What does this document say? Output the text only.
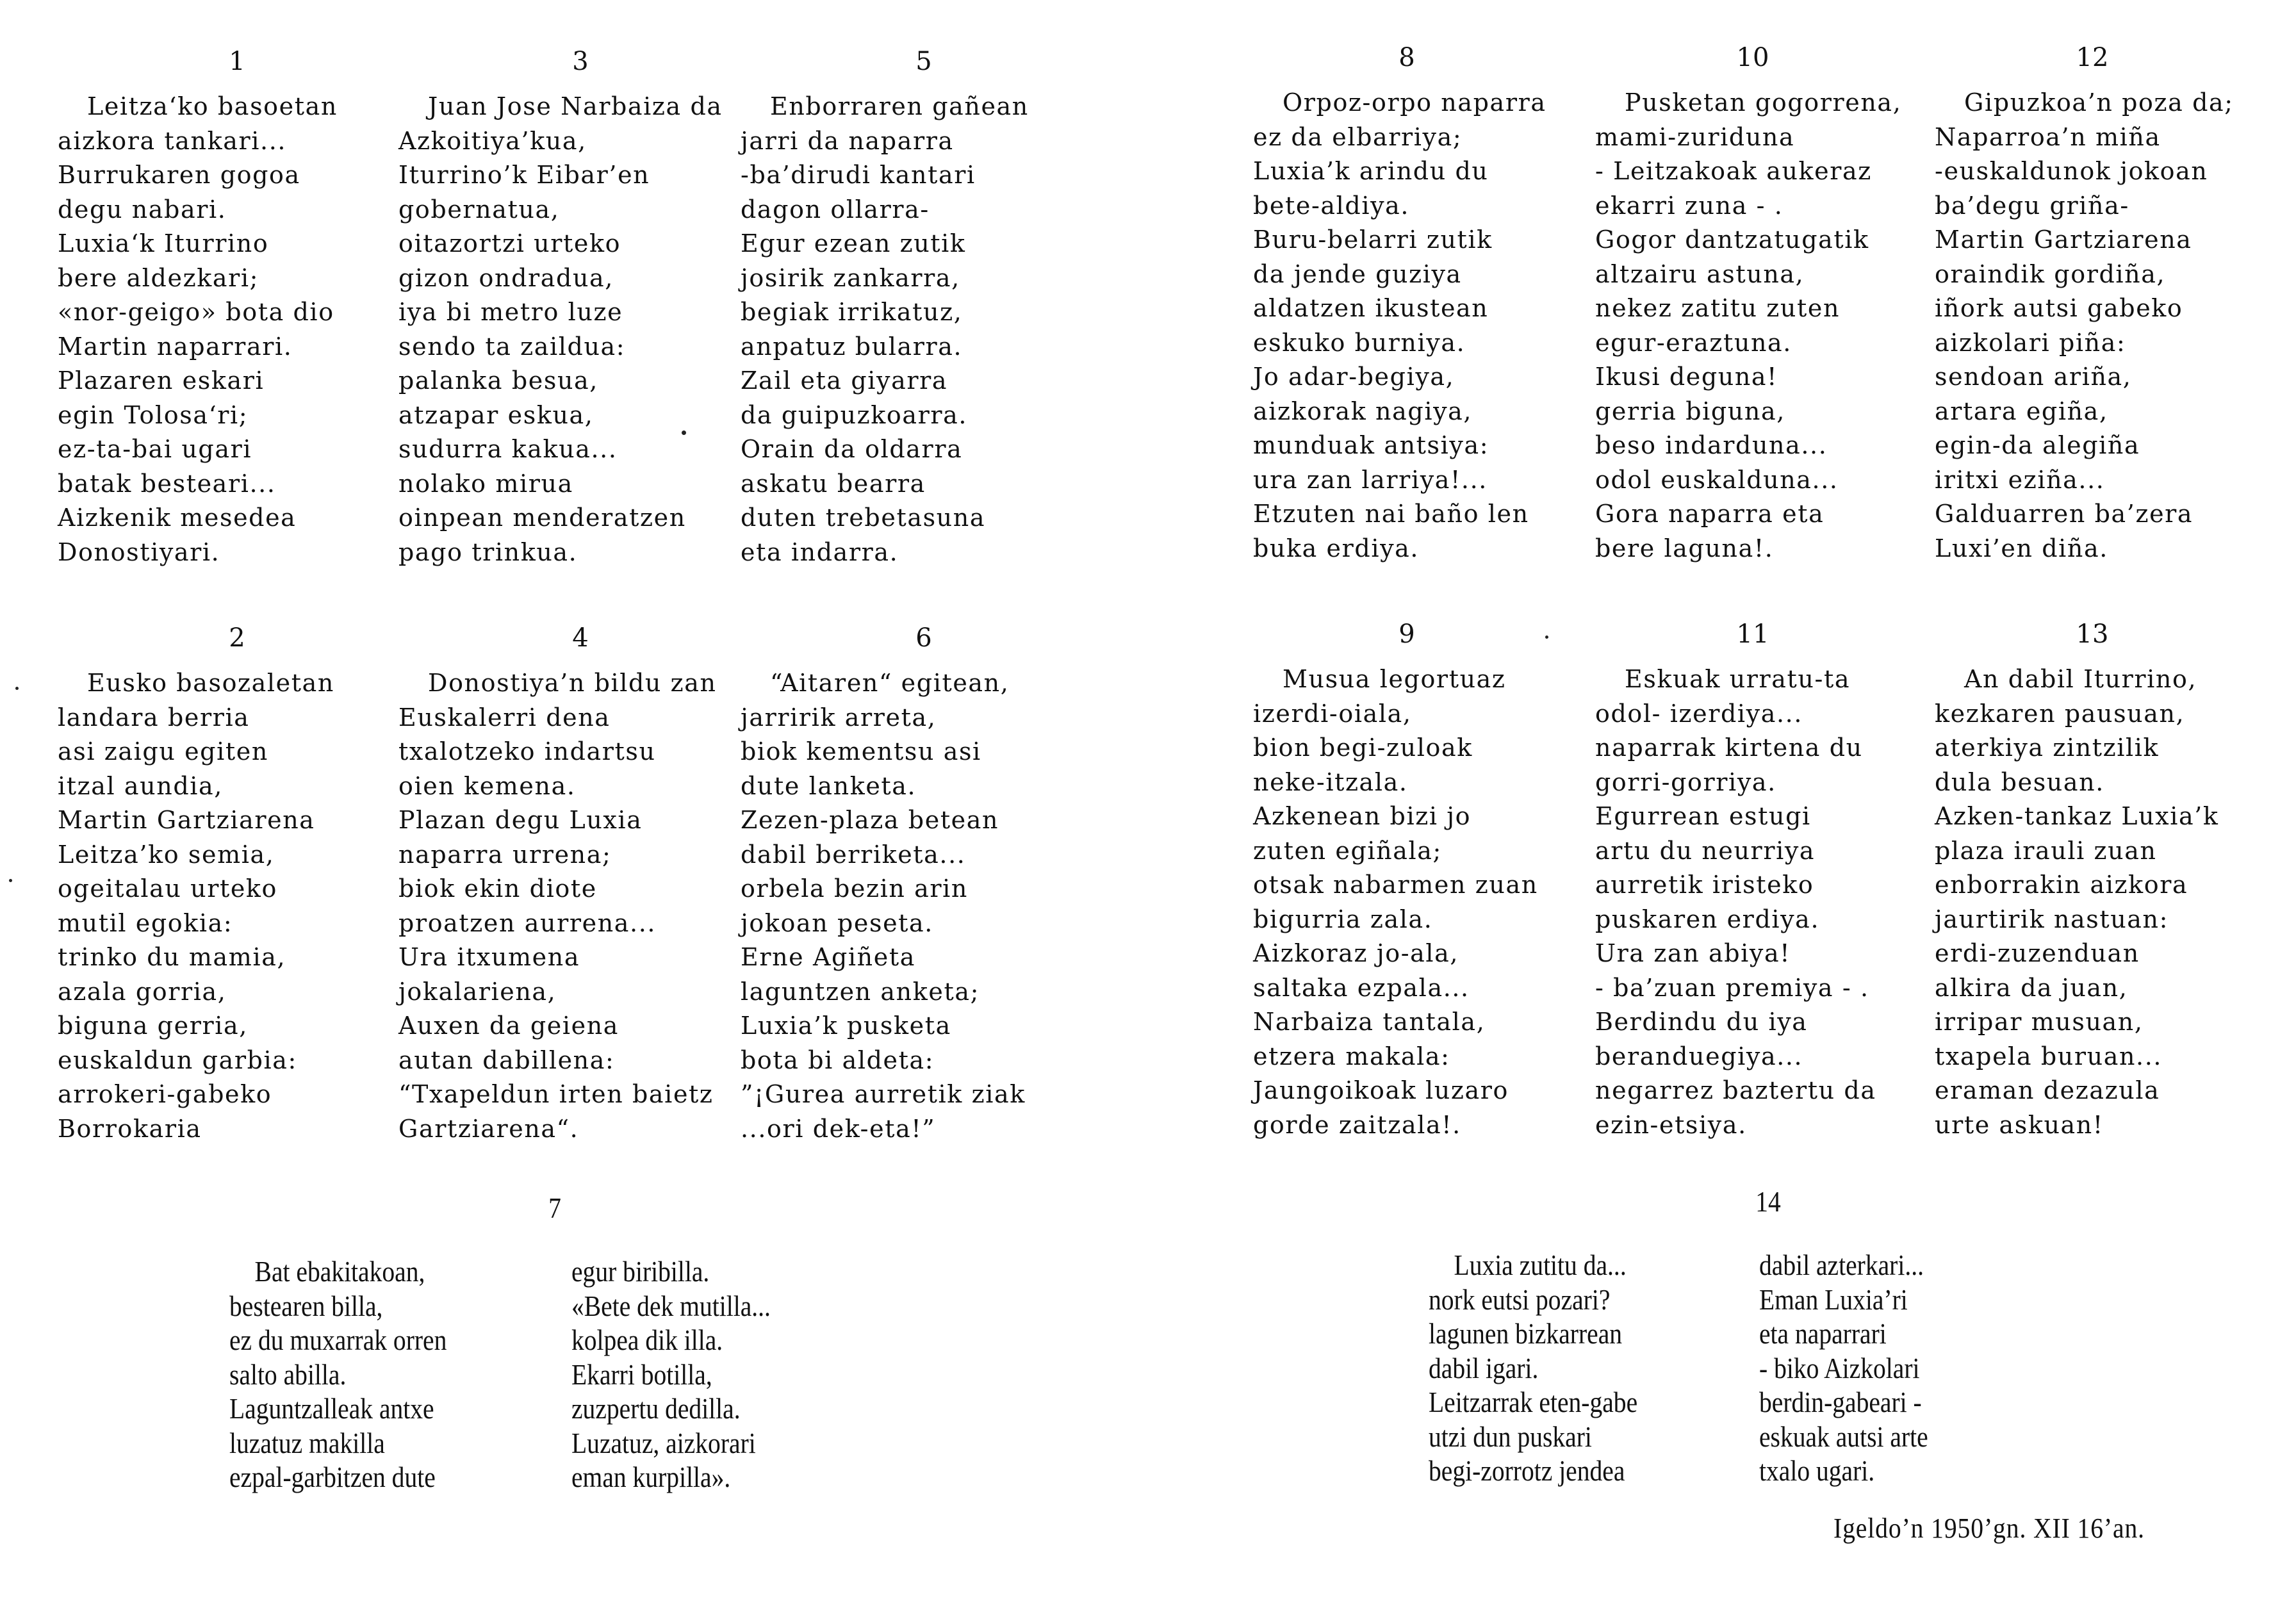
1
Leitza‘ko basoetan
aizkora tankari...
Burrukaren gogoa
degu nabari.
Luxia‘k Iturrino
bere aldezkari;
«nor-geigo» bota dio
Martin naparrari.
Plazaren eskari
egin Tolosa‘ri;
ez-ta-bai ugari
batak besteari...
Aizkenik mesedea
Donostiyari.
2
Eusko basozaletan
landara berria
asi zaigu egiten
itzal aundia,
Martin Gartziarena
Leitza’ko semia,
ogeitalau urteko
mutil egokia:
trinko du mamia,
azala gorria,
biguna gerria,
euskaldun garbia:
arrokeri-gabeko
Borrokaria
3
Juan Jose Narbaiza da
Azkoitiya’kua,
Iturrino’k Eibar’en
gobernatua,
oitazortzi urteko
gizon ondradua,
iya bi metro luze
sendo ta zaildua:
palanka besua,
atzapar eskua,
sudurra kakua...
nolako mirua
oinpean menderatzen
pago trinkua.
4
Donostiya’n bildu zan
Euskalerri dena
txalotzeko indartsu
oien kemena.
Plazan degu Luxia
naparra urrena;
biok ekin diote
proatzen aurrena...
Ura itxumena
jokalariena,
Auxen da geiena
autan dabillena:
“Txapeldun irten baietz
Gartziarena“.
5
Enborraren gañean
jarri da naparra
-ba’dirudi kantari
dagon ollarra-
Egur ezean zutik
josirik zankarra,
begiak irrikatuz,
anpatuz bularra.
Zail eta giyarra
da guipuzkoarra.
Orain da oldarra
askatu bearra
duten trebetasuna
eta indarra.
6
“Aitaren“ egitean,
jarririk arreta,
biok kementsu asi
dute lanketa.
Zezen-plaza betean
dabil berriketa...
orbela bezin arin
jokoan peseta.
Erne Agiñeta
laguntzen anketa;
Luxia’k pusketa
bota bi aldeta:
”¡Gurea aurretik ziak
...ori dek-eta!”
7
Bat ebakitakoan,
bestearen billa,
ez du muxarrak orren
salto abilla.
Laguntzalleak antxe
luzatuz makilla
ezpal-garbitzen dute
egur biribilla.
«Bete dek mutilla...
kolpea dik illa.
Ekarri botilla,
zuzpertu dedilla.
Luzatuz, aizkorari
eman kurpilla».
8
Orpoz-orpo naparra
ez da elbarriya;
Luxia’k arindu du
bete-aldiya.
Buru-belarri zutik
da jende guziya
aldatzen ikustean
eskuko burniya.
Jo adar-begiya,
aizkorak nagiya,
munduak antsiya:
ura zan larriya!...
Etzuten nai baño len
buka erdiya.
9
Musua legortuaz
izerdi-oiala,
bion begi-zuloak
neke-itzala.
Azkenean bizi jo
zuten egiñala;
otsak nabarmen zuan
bigurria zala.
Aizkoraz jo-ala,
saltaka ezpala...
Narbaiza tantala,
etzera makala:
Jaungoikoak luzaro
gorde zaitzala!.
10
Pusketan gogorrena,
mami-zuriduna
- Leitzakoak aukeraz
ekarri zuna - .
Gogor dantzatugatik
altzairu astuna,
nekez zatitu zuten
egur-eraztuna.
Ikusi deguna!
gerria biguna,
beso indarduna...
odol euskalduna...
Gora naparra eta
bere laguna!.
11
Eskuak urratu-ta
odol- izerdiya...
naparrak kirtena du
gorri-gorriya.
Egurrean estugi
artu du neurriya
aurretik iristeko
puskaren erdiya.
Ura zan abiya!
- ba’zuan premiya - .
Berdindu du iya
beranduegiya...
negarrez baztertu da
ezin-etsiya.
12
Gipuzkoa’n poza da;
Naparroa’n miña
-euskaldunok jokoan
ba’degu griña-
Martin Gartziarena
oraindik gordiña,
iñork autsi gabeko
aizkolari piña:
sendoan ariña,
artara egiña,
egin-da alegiña
iritxi eziña...
Galduarren ba’zera
Luxi’en diña.
13
An dabil Iturrino,
kezkaren pausuan,
aterkiya zintzilik
dula besuan.
Azken-tankaz Luxia’k
plaza irauli zuan
enborrakin aizkora
jaurtirik nastuan:
erdi-zuzenduan
alkira da juan,
irripar musuan,
txapela buruan...
eraman dezazula
urte askuan!
14
Luxia zutitu da...
nork eutsi pozari?
lagunen bizkarrean
dabil igari.
Leitzarrak eten-gabe
utzi dun puskari
begi-zorrotz jendea
dabil azterkari...
Eman Luxia’ri
eta naparrari
- biko Aizkolari
berdin-gabeari -
eskuak autsi arte
txalo ugari.
Igeldo’n 1950’gn. XII 16’an.
